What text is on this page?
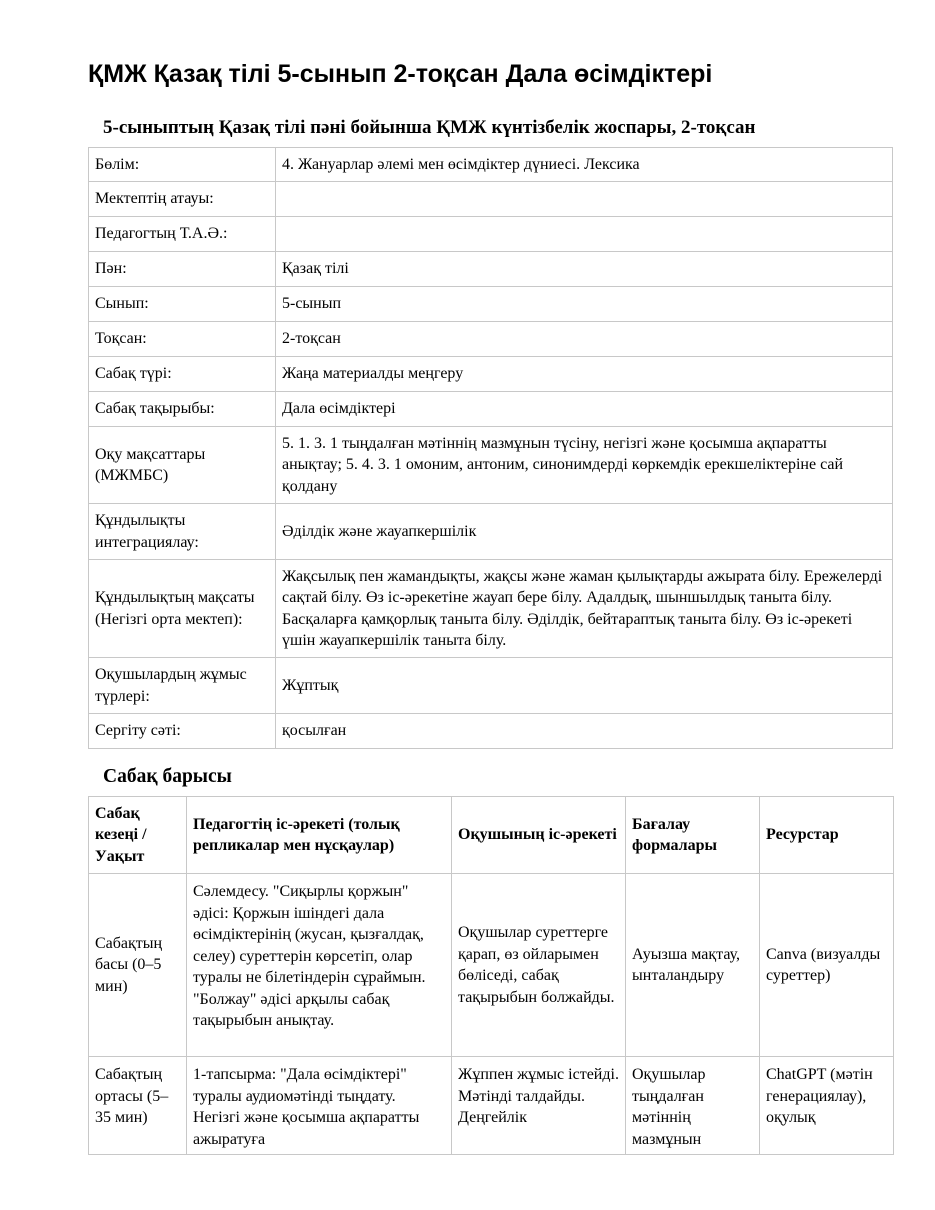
ҚМЖ Қазақ тілі 5-сынып 2-тоқсан Дала өсімдіктері
5-сыныптың Қазақ тілі пәні бойынша ҚМЖ күнтізбелік жоспары, 2-тоқсан
Бөлім:	4. Жануарлар әлемі мен өсімдіктер дүниесі. Лексика
Мектептің атауы:	
Педагогтың Т.А.Ә.:	
Пән:	Қазақ тілі
Сынып:	5-сынып
Тоқсан:	2-тоқсан
Сабақ түрі:	Жаңа материалды меңгеру
Сабақ тақырыбы:	Дала өсімдіктері
Оқу мақсаттары (МЖМБС)	5. 1. 3. 1 тыңдалған мәтіннің мазмұнын түсіну, негізгі және қосымша ақпаратты анықтау; 5. 4. 3. 1 омоним, антоним, синонимдерді көркемдік ерекшеліктеріне сай қолдану
Құндылықты интеграциялау:	Әділдік және жауапкершілік
Құндылықтың мақсаты (Негізгі орта мектеп):	Жақсылық пен жамандықты, жақсы және жаман қылықтарды ажырата білу. Ережелерді сақтай білу. Өз іс-әрекетіне жауап бере білу. Адалдық, шыншылдық таныта білу. Басқаларға қамқорлық таныта білу. Әділдік, бейтараптық таныта білу. Өз іс-әрекеті үшін жауапкершілік таныта білу.
Оқушылардың жұмыс түрлері:	Жұптық
Сергіту сәті:	қосылған
Сабақ барысы
Сабақ кезеңі / Уақыт	Педагогтің іс-әрекеті (толық репликалар мен нұсқаулар)	Оқушының іс-әрекеті	Бағалау формалары	Ресурстар
Сабақтың басы (0–5 мин)	Сәлемдесу. "Сиқырлы қоржын" әдісі: Қоржын ішіндегі дала өсімдіктерінің (жусан, қызғалдақ, селеу) суреттерін көрсетіп, олар туралы не білетіндерін сұраймын. "Болжау" әдісі арқылы сабақ тақырыбын анықтау.	Оқушылар суреттерге қарап, өз ойларымен бөліседі, сабақ тақырыбын болжайды.	Ауызша мақтау, ынталандыру	Canva (визуалды суреттер)
Сабақтың ортасы (5–35 мин)	1-тапсырма: "Дала өсімдіктері" туралы аудиомәтінді тыңдату. Негізгі және қосымша ақпаратты ажыратуға	Жұппен жұмыс істейді. Мәтінді талдайды. Деңгейлік	Оқушылар тыңдалған мәтіннің мазмұнын	ChatGPT (мәтін генерациялау), оқулық
